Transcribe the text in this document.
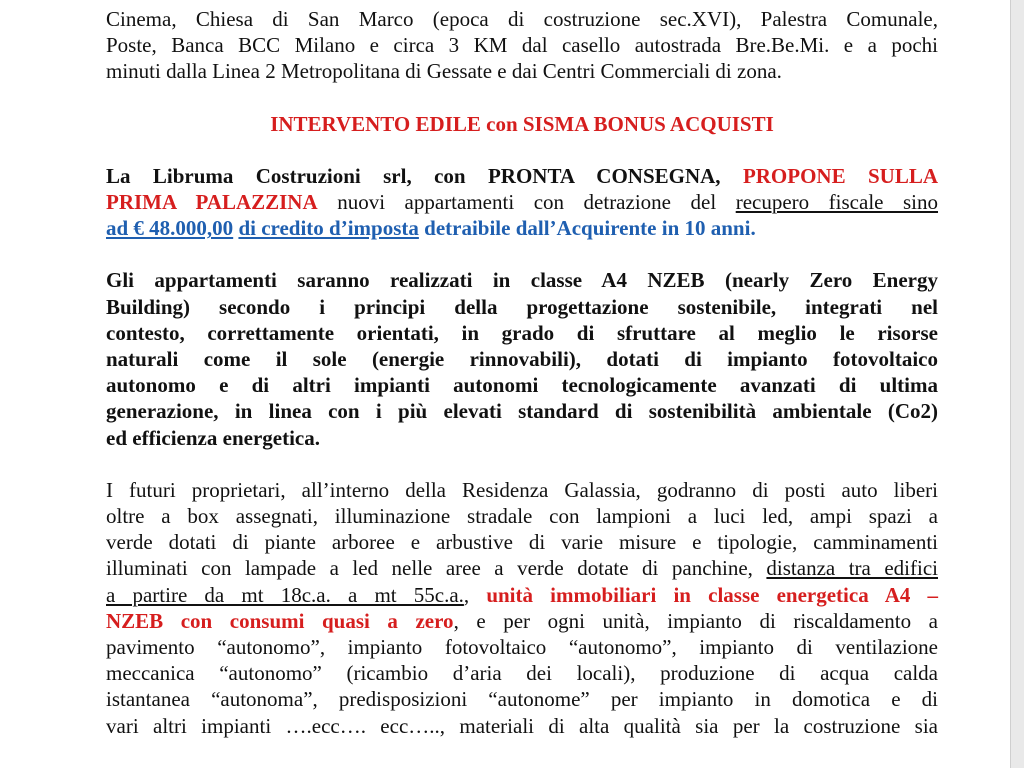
Cinema, Chiesa di San Marco (epoca di costruzione sec.XVI), Palestra Comunale,
Poste, Banca BCC Milano e circa 3 KM dal casello autostrada Bre.Be.Mi. e a pochi
minuti dalla Linea 2 Metropolitana di Gessate e dai Centri Commerciali di zona.

INTERVENTO EDILE con SISMA BONUS ACQUISTI

La Libruma Costruzioni srl, con PRONTA CONSEGNA, PROPONE SULLA
PRIMA PALAZZINA nuovi appartamenti con detrazione del recupero fiscale sino
ad € 48.000,00 di credito d’imposta detraibile dall’Acquirente in 10 anni.

Gli appartamenti saranno realizzati in classe A4 NZEB (nearly Zero Energy
Building) secondo i principi della progettazione sostenibile, integrati nel
contesto, correttamente orientati, in grado di sfruttare al meglio le risorse
naturali come il sole (energie rinnovabili), dotati di impianto fotovoltaico
autonomo e di altri impianti autonomi tecnologicamente avanzati di ultima
generazione, in linea con i più elevati standard di sostenibilità ambientale (Co2)
ed efficienza energetica.

I futuri proprietari, all’interno della Residenza Galassia, godranno di posti auto liberi
oltre a box assegnati, illuminazione stradale con lampioni a luci led, ampi spazi a
verde dotati di piante arboree e arbustive di varie misure e tipologie, camminamenti
illuminati con lampade a led nelle aree a verde dotate di panchine, distanza tra edifici
a partire da mt 18c.a. a mt 55c.a., unità immobiliari in classe energetica A4 –
NZEB con consumi quasi a zero, e per ogni unità, impianto di riscaldamento a
pavimento “autonomo”, impianto fotovoltaico “autonomo”, impianto di ventilazione
meccanica “autonomo” (ricambio d’aria dei locali), produzione di acqua calda
istantanea “autonoma”, predisposizioni “autonome” per impianto in domotica e di
vari altri impianti ….ecc…. ecc….., materiali di alta qualità sia per la costruzione sia
